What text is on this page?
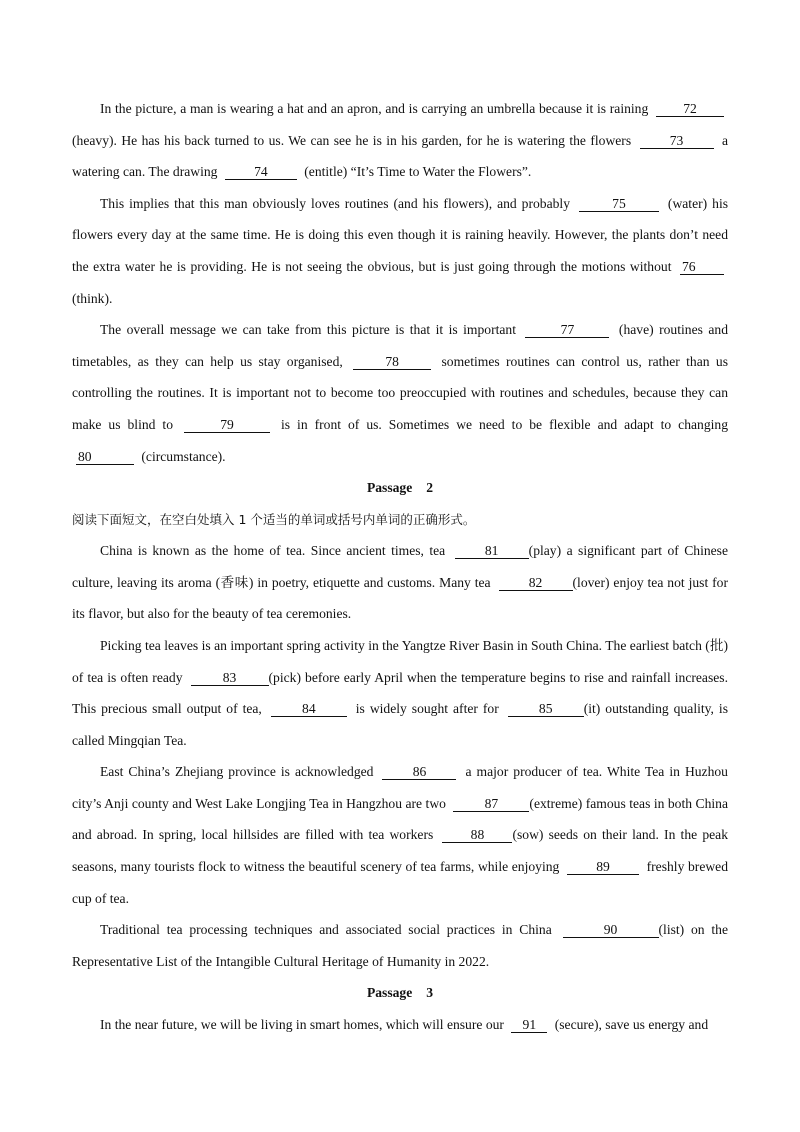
In the picture, a man is wearing a hat and an apron, and is carrying an umbrella because it is raining 72 (heavy). He has his back turned to us. We can see he is in his garden, for he is watering the flowers	73	a watering can. The drawing 74 (entitle) “It’s Time to Water the Flowers”.

This implies that this man obviously loves routines (and his flowers), and probably	75	(water) his flowers every day at the same time. He is doing this even though it is raining heavily. However, the plants don’t need the extra water he is providing. He is not seeing the obvious, but is just going through the motions without 76 (think).

The overall message we can take from this picture is that it is important	77	(have) routines and timetables, as they can help us stay organised,	78	sometimes routines can control us, rather than us controlling the routines. It is important not to become too preoccupied with routines and schedules, because they can make us blind to	79	is in front of us. Sometimes we need to be flexible and adapt to changing 80	(circumstance).

Passage 2

阅读下面短文，在空白处填入 1 个适当的单词或括号内单词的正确形式。

China is known as the home of tea. Since ancient times, tea	81 (play) a significant part of Chinese culture, leaving its aroma (香味) in poetry, etiquette and customs. Many tea	82 (lover) enjoy tea not just for its flavor, but also for the beauty of tea ceremonies.

Picking tea leaves is an important spring activity in the Yangtze River Basin in South China. The earliest batch (批) of tea is often ready	83 (pick) before early April when the temperature begins to rise and rainfall increases. This precious small output of tea,	84	is widely sought after for	85 (it) outstanding quality, is called Mingqian Tea.

East China’s Zhejiang province is acknowledged	86	a major producer of tea. White Tea in Huzhou city’s Anji county and West Lake Longjing Tea in Hangzhou are two	87 (extreme) famous teas in both China and abroad. In spring, local hillsides are filled with tea workers 88 (sow) seeds on their land. In the peak seasons, many tourists flock to witness the beautiful scenery of tea farms, while enjoying 89 freshly brewed cup of tea.

Traditional tea processing techniques and associated social practices in China	90	(list) on the Representative List of the Intangible Cultural Heritage of Humanity in 2022.

Passage 3

In the near future, we will be living in smart homes, which will ensure our 91 (secure), save us energy and
